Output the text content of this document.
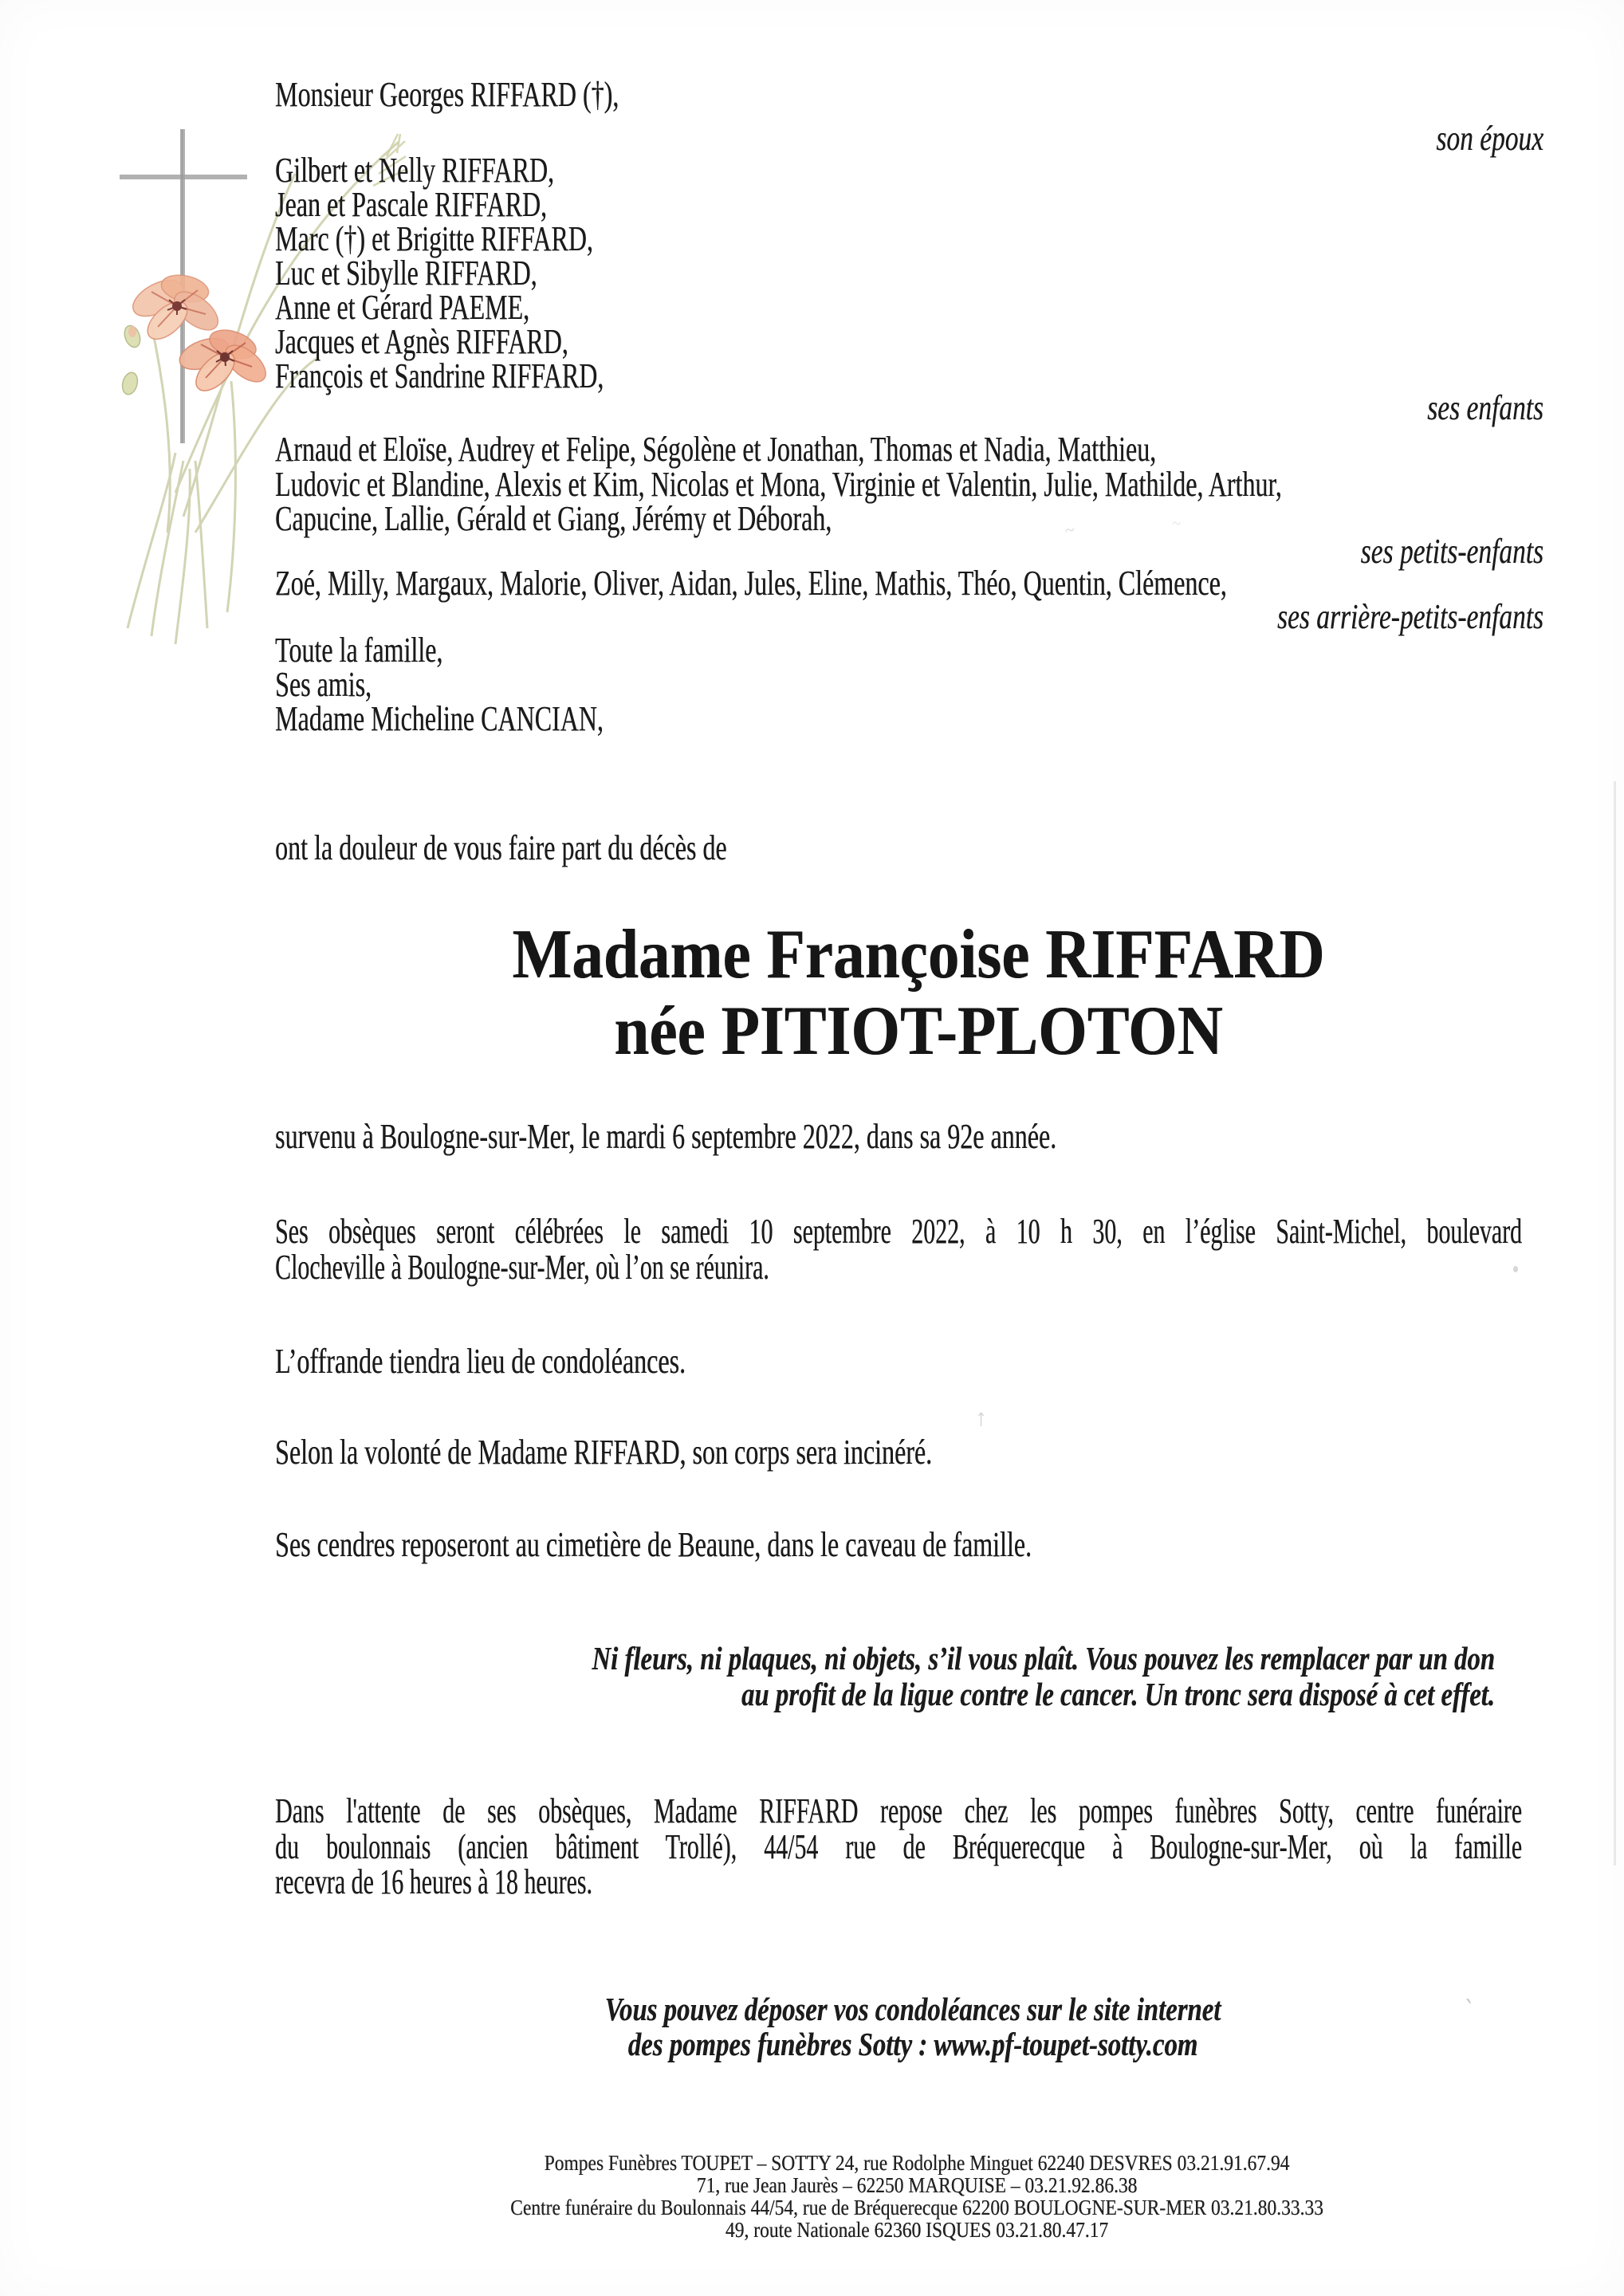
Monsieur Georges RIFFARD (†),
son époux
Gilbert et Nelly RIFFARD,
Jean et Pascale RIFFARD,
Marc (†) et Brigitte RIFFARD,
Luc et Sibylle RIFFARD,
Anne et Gérard PAEME,
Jacques et Agnès RIFFARD,
François et Sandrine RIFFARD,
ses enfants
Arnaud et Eloïse, Audrey et Felipe, Ségolène et Jonathan, Thomas et Nadia, Matthieu,
Ludovic et Blandine, Alexis et Kim, Nicolas et Mona, Virginie et Valentin, Julie, Mathilde, Arthur,
Capucine, Lallie, Gérald et Giang, Jérémy et Déborah,
ses petits-enfants
Zoé, Milly, Margaux, Malorie, Oliver, Aidan, Jules, Eline, Mathis, Théo, Quentin, Clémence,
ses arrière-petits-enfants
Toute la famille,
Ses amis,
Madame Micheline CANCIAN,
ont la douleur de vous faire part du décès de
Madame Françoise RIFFARD
née PITIOT-PLOTON
survenu à Boulogne-sur-Mer, le mardi 6 septembre 2022, dans sa 92e année.
Ses obsèques seront célébrées le samedi 10 septembre 2022, à 10 h 30, en l’église Saint-Michel, boulevard
Clocheville à Boulogne-sur-Mer, où l’on se réunira.
L’offrande tiendra lieu de condoléances.
Selon la volonté de Madame RIFFARD, son corps sera incinéré.
Ses cendres reposeront au cimetière de Beaune, dans le caveau de famille.
Ni fleurs, ni plaques, ni objets, s’il vous plaît. Vous pouvez les remplacer par un don
au profit de la ligue contre le cancer. Un tronc sera disposé à cet effet.
Dans l'attente de ses obsèques, Madame RIFFARD repose chez les pompes funèbres Sotty, centre funéraire
du boulonnais (ancien bâtiment Trollé), 44/54 rue de Bréquerecque à Boulogne-sur-Mer, où la famille
recevra de 16 heures à 18 heures.
Vous pouvez déposer vos condoléances sur le site internet
des pompes funèbres Sotty : www.pf-toupet-sotty.com
Pompes Funèbres TOUPET – SOTTY 24, rue Rodolphe Minguet 62240 DESVRES 03.21.91.67.94
71, rue Jean Jaurès – 62250 MARQUISE – 03.21.92.86.38
Centre funéraire du Boulonnais 44/54, rue de Bréquerecque 62200 BOULOGNE-SUR-MER 03.21.80.33.33
49, route Nationale 62360 ISQUES 03.21.80.47.17
~	~
↑
`
